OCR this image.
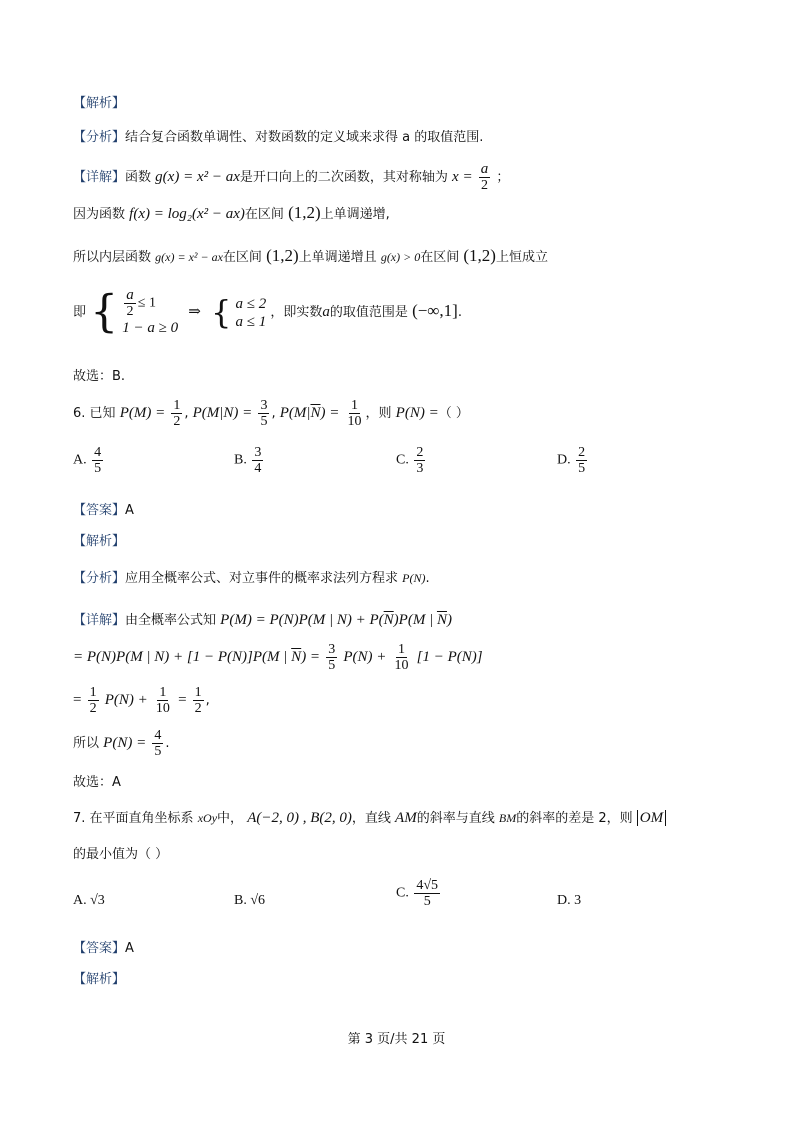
【解析】
【分析】结合复合函数单调性、对数函数的定义域来求得 a 的取值范围.
【详解】函数 g(x) = x² − ax是开口向上的二次函数，其对称轴为 $x = \frac{a}{2}$ ；
因为函数 f(x) = log₂(x² − ax)在区间 (1,2)上单调递增,
所以内层函数 g(x) = x² − ax在区间 (1,2)上单调递增且 g(x) > 0在区间 (1,2)上恒成立
即 { $\frac{a}{2} \le 1$
1 − a ≥ 0
⇒ { a ≤ 2
a ≤ 1
，即实数a的取值范围是 (−∞,1].
故选：B.
6. 已知 $P(M) = \frac{1}{2}$ , $P(M|N) = \frac{3}{5}$ , $P(M|\overline{N}) = \frac{1}{10}$ ，则 P(N) =（ ）
A. $\frac{4}{5}$	B. $\frac{3}{4}$	C. $\frac{2}{3}$	D. $\frac{2}{5}$
【答案】A
【解析】
【分析】应用全概率公式、对立事件的概率求法列方程求 P(N).
【详解】由全概率公式知 P(M) = P(N)P(M | $N) + P(\overline{N})P(M$ | $\overline{N}$)
= P(N)P(M | N) + [1 − P(N)]P(M | $\overline{N}) = \frac{3}{5} P(N) + \frac{1}{10} [1 - P(N)]$
= $\frac{1}{2} P(N) + \frac{1}{10} = \frac{1}{2}$ ,
所以 $P(N) = \frac{4}{5}$ .
故选：A
7. 在平面直角坐标系 xOy中， A(−2, 0) , B(2, 0)，直线 AM的斜率与直线 BM的斜率的差是 2，则 OM
的最小值为（ ）
A. √3	B. √6	C. $\frac{4√5}{5}$	D. 3
【答案】A
【解析】
第 3 页/共 21 页
